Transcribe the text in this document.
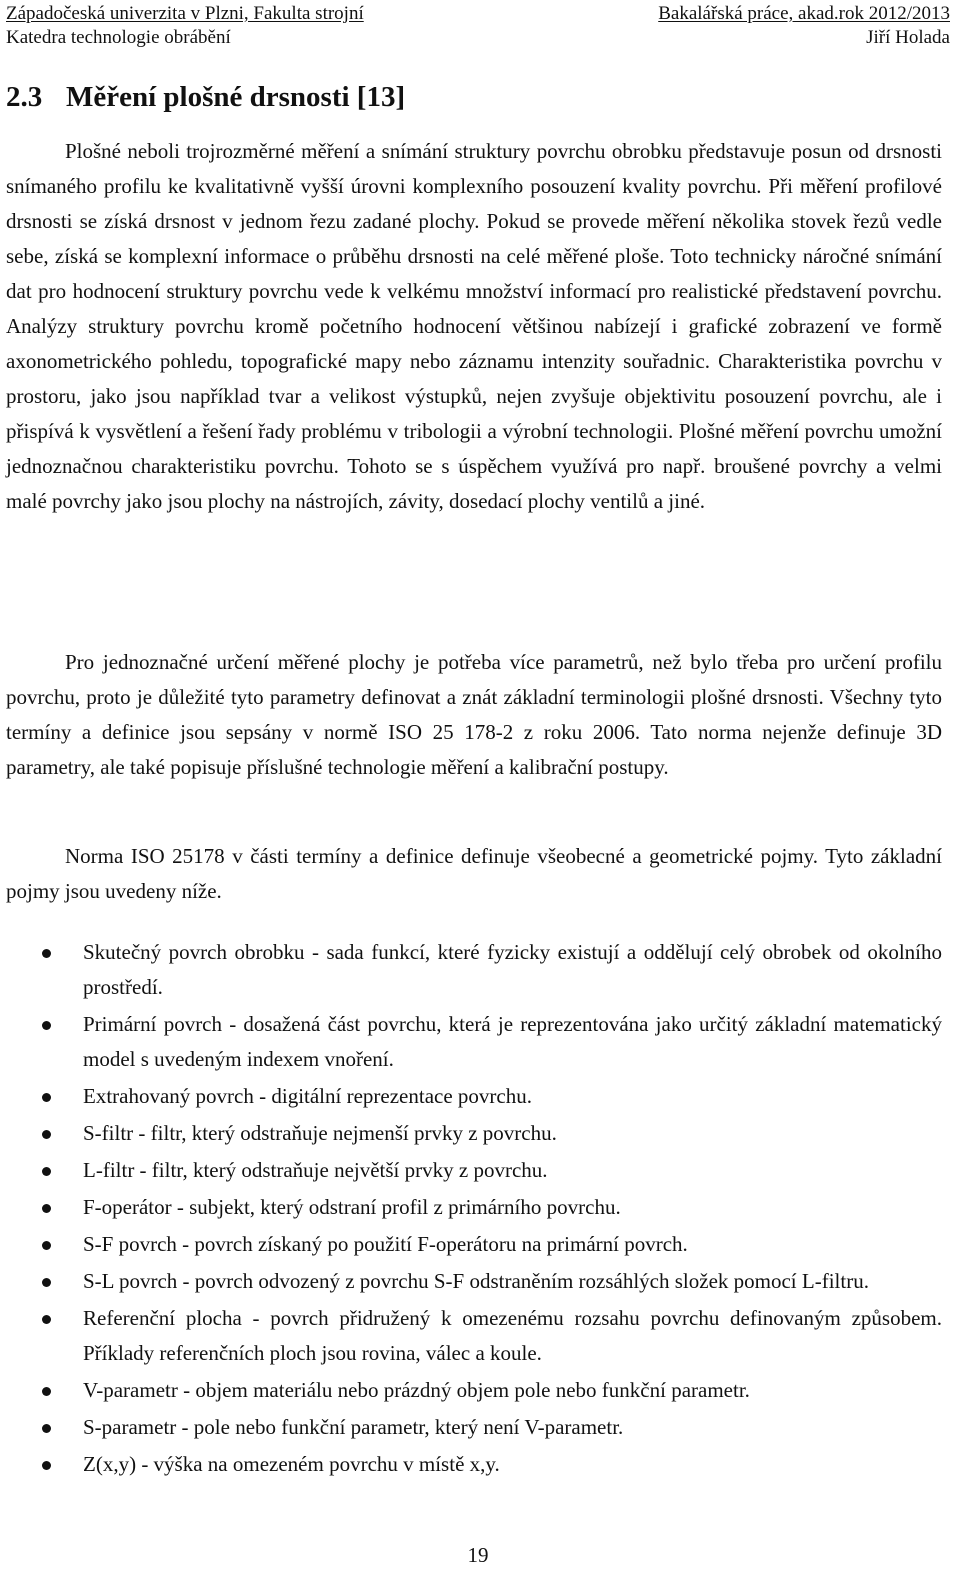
Západočeská univerzita v Plzni, Fakulta strojní	Bakalářská práce, akad.rok 2012/2013
Katedra technologie obrábění	Jiří Holada
2.3 Měření plošné drsnosti [13]

Plošné neboli trojrozměrné měření a snímání struktury povrchu obrobku představuje posun od drsnosti snímaného profilu ke kvalitativně vyšší úrovni komplexního posouzení kvality povrchu. Při měření profilové drsnosti se získá drsnost v jednom řezu zadané plochy. Pokud se provede měření několika stovek řezů vedle sebe, získá se komplexní informace o průběhu drsnosti na celé měřené ploše. Toto technicky náročné snímání dat pro hodnocení struktury povrchu vede k velkému množství informací pro realistické představení povrchu. Analýzy struktury povrchu kromě početního hodnocení většinou nabízejí i grafické zobrazení ve formě axonometrického pohledu, topografické mapy nebo záznamu intenzity souřadnic. Charakteristika povrchu v prostoru, jako jsou například tvar a velikost výstupků, nejen zvyšuje objektivitu posouzení povrchu, ale i přispívá k vysvětlení a řešení řady problému v tribologii a výrobní technologii. Plošné měření povrchu umožní jednoznačnou charakteristiku povrchu. Tohoto se s úspěchem využívá pro např. broušené povrchy a velmi malé povrchy jako jsou plochy na nástrojích, závity, dosedací plochy ventilů a jiné.

Pro jednoznačné určení měřené plochy je potřeba více parametrů, než bylo třeba pro určení profilu povrchu, proto je důležité tyto parametry definovat a znát základní terminologii plošné drsnosti. Všechny tyto termíny a definice jsou sepsány v normě ISO 25 178-2 z roku 2006. Tato norma nejenže definuje 3D parametry, ale také popisuje příslušné technologie měření a kalibrační postupy.

Norma ISO 25178 v části termíny a definice definuje všeobecné a geometrické pojmy. Tyto základní pojmy jsou uvedeny níže.

Skutečný povrch obrobku - sada funkcí, které fyzicky existují a oddělují celý obrobek od okolního prostředí.
Primární povrch - dosažená část povrchu, která je reprezentována jako určitý základní matematický model s uvedeným indexem vnoření.
Extrahovaný povrch - digitální reprezentace povrchu.
S-filtr - filtr, který odstraňuje nejmenší prvky z povrchu.
L-filtr - filtr, který odstraňuje největší prvky z povrchu.
F-operátor - subjekt, který odstraní profil z primárního povrchu.
S-F povrch - povrch získaný po použití F-operátoru na primární povrch.
S-L povrch - povrch odvozený z povrchu S-F odstraněním rozsáhlých složek pomocí L-filtru.
Referenční plocha - povrch přidružený k omezenému rozsahu povrchu definovaným způsobem. Příklady referenčních ploch jsou rovina, válec a koule.
V-parametr - objem materiálu nebo prázdný objem pole nebo funkční parametr.
S-parametr - pole nebo funkční parametr, který není V-parametr.
Z(x,y) - výška na omezeném povrchu v místě x,y.
19
